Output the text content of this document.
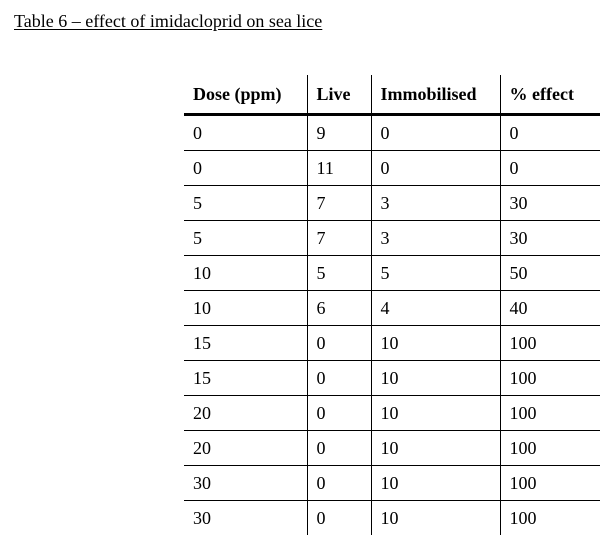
Table 6 – effect of imidacloprid on sea lice
Dose (ppm)	Live	Immobilised	% effect
0	9	0	0
0	11	0	0
5	7	3	30
5	7	3	30
10	5	5	50
10	6	4	40
15	0	10	100
15	0	10	100
20	0	10	100
20	0	10	100
30	0	10	100
30	0	10	100
